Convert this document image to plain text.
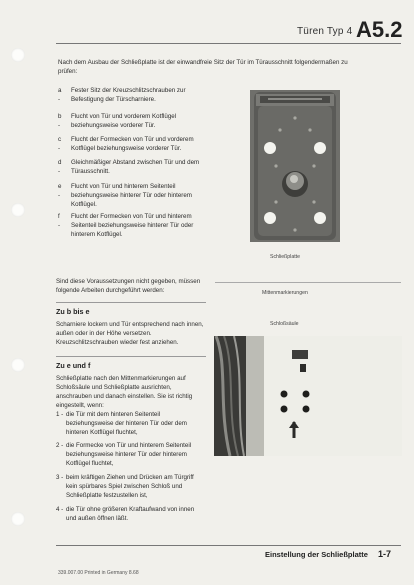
Türen Typ 4 A5.2
Nach dem Ausbau der Schließplatte ist der einwandfreie Sitz der Tür im Türausschnitt folgendermaßen zu prüfen:
a -
Fester Sitz der Kreuzschlitzschrauben zur Befestigung der Türscharniere.
b -
Flucht von Tür und vorderem Kotflügel beziehungsweise vorderer Tür.
c -
Flucht der Formecken von Tür und vorderem Kotflügel beziehungsweise vorderer Tür.
d -
Gleichmäßiger Abstand zwischen Tür und dem Türausschnitt.
e -
Flucht von Tür und hinterem Seitenteil beziehungsweise hinterer Tür oder hinterem Kotflügel.
f -
Flucht der Formecken von Tür und hinterem Seitenteil beziehungsweise hinterer Tür oder hinterem Kotflügel.
Schließplatte
Sind diese Voraussetzungen nicht gegeben, müssen folgende Arbeiten durchgeführt werden:
Zu b bis e
Scharniere lockern und Tür entsprechend nach innen, außen oder in der Höhe versetzen. Kreuzschlitzschrauben wieder fest anziehen.
Mittenmarkierungen
Schloßsäule
Zu e und f
Schließplatte nach den Mittenmarkierungen auf Schloßsäule und Schließplatte ausrichten, anschrauben und danach einstellen. Sie ist richtig eingestellt, wenn:
1 - die Tür mit dem hinteren Seitenteil beziehungsweise der hinteren Tür oder dem hinteren Kotflügel fluchtet,
2 - die Formecke von Tür und hinterem Seitenteil beziehungsweise hinterer Tür oder hinterem Kotflügel fluchtet,
3 - beim kräftigen Ziehen und Drücken am Türgriff kein spürbares Spiel zwischen Schloß und Schließplatte festzustellen ist,
4 - die Tür ohne größeren Kraftaufwand von innen und außen öffnen läßt.
Einstellung der Schließplatte 1-7
339.007.00 Printed in Germany 8.68
